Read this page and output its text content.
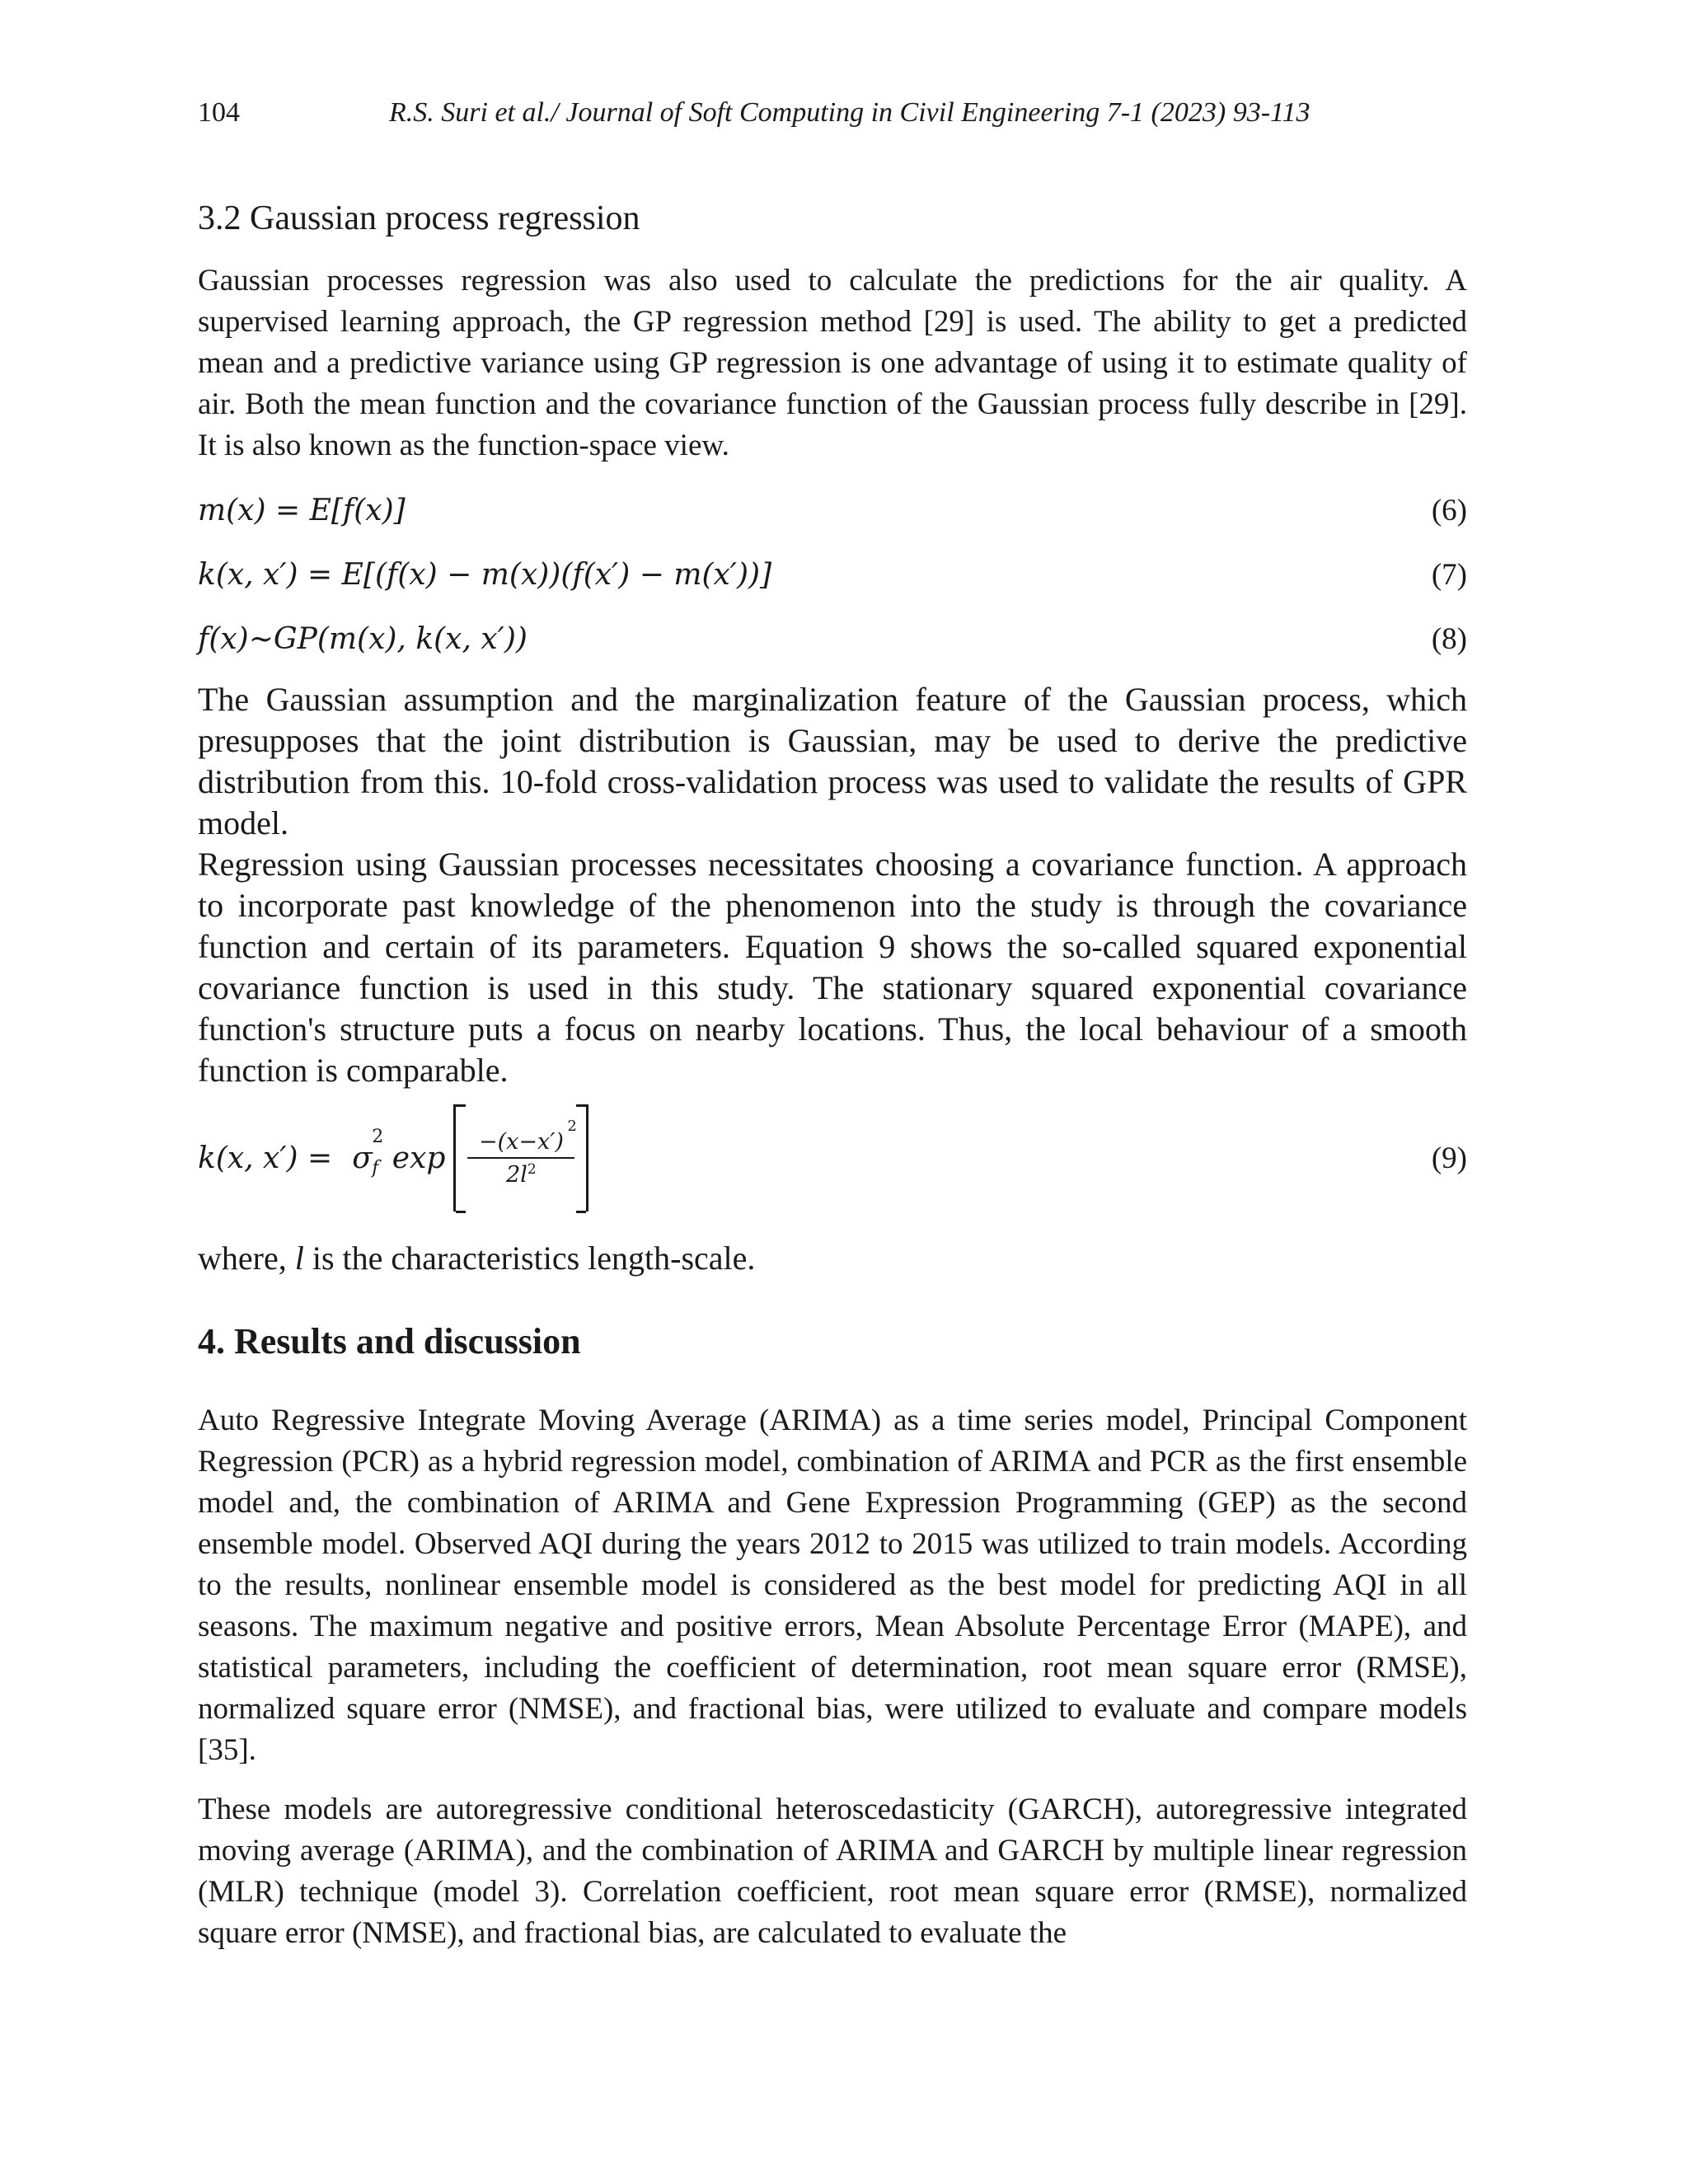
104	R.S. Suri et al./ Journal of Soft Computing in Civil Engineering 7-1 (2023) 93-113
3.2 Gaussian process regression

Gaussian processes regression was also used to calculate the predictions for the air quality. A supervised learning approach, the GP regression method [29] is used. The ability to get a predicted mean and a predictive variance using GP regression is one advantage of using it to estimate quality of air. Both the mean function and the covariance function of the Gaussian process fully describe in [29]. It is also known as the function-space view.

m(x) = E[f(x)]	(6)
k(x, x′) = E[(f(x) − m(x))(f(x′) − m(x′))]	(7)
f(x)~GP(m(x), k(x, x′))	(8)

The Gaussian assumption and the marginalization feature of the Gaussian process, which presupposes that the joint distribution is Gaussian, may be used to derive the predictive distribution from this. 10-fold cross-validation process was used to validate the results of GPR model.

Regression using Gaussian processes necessitates choosing a covariance function. A approach to incorporate past knowledge of the phenomenon into the study is through the covariance function and certain of its parameters. Equation 9 shows the so-called squared exponential covariance function is used in this study. The stationary squared exponential covariance function's structure puts a focus on nearby locations. Thus, the local behaviour of a smooth function is comparable.

k(x, x′) = σ
2
f exp −(x−x′)
2
$2l^2$	(9)
where, l is the characteristics length-scale.
4. Results and discussion

Auto Regressive Integrate Moving Average (ARIMA) as a time series model, Principal Component Regression (PCR) as a hybrid regression model, combination of ARIMA and PCR as the first ensemble model and, the combination of ARIMA and Gene Expression Programming (GEP) as the second ensemble model. Observed AQI during the years 2012 to 2015 was utilized to train models. According to the results, nonlinear ensemble model is considered as the best model for predicting AQI in all seasons. The maximum negative and positive errors, Mean Absolute Percentage Error (MAPE), and statistical parameters, including the coefficient of determination, root mean square error (RMSE), normalized square error (NMSE), and fractional bias, were utilized to evaluate and compare models [35].

These models are autoregressive conditional heteroscedasticity (GARCH), autoregressive integrated moving average (ARIMA), and the combination of ARIMA and GARCH by multiple linear regression (MLR) technique (model 3). Correlation coefficient, root mean square error (RMSE), normalized square error (NMSE), and fractional bias, are calculated to evaluate the
